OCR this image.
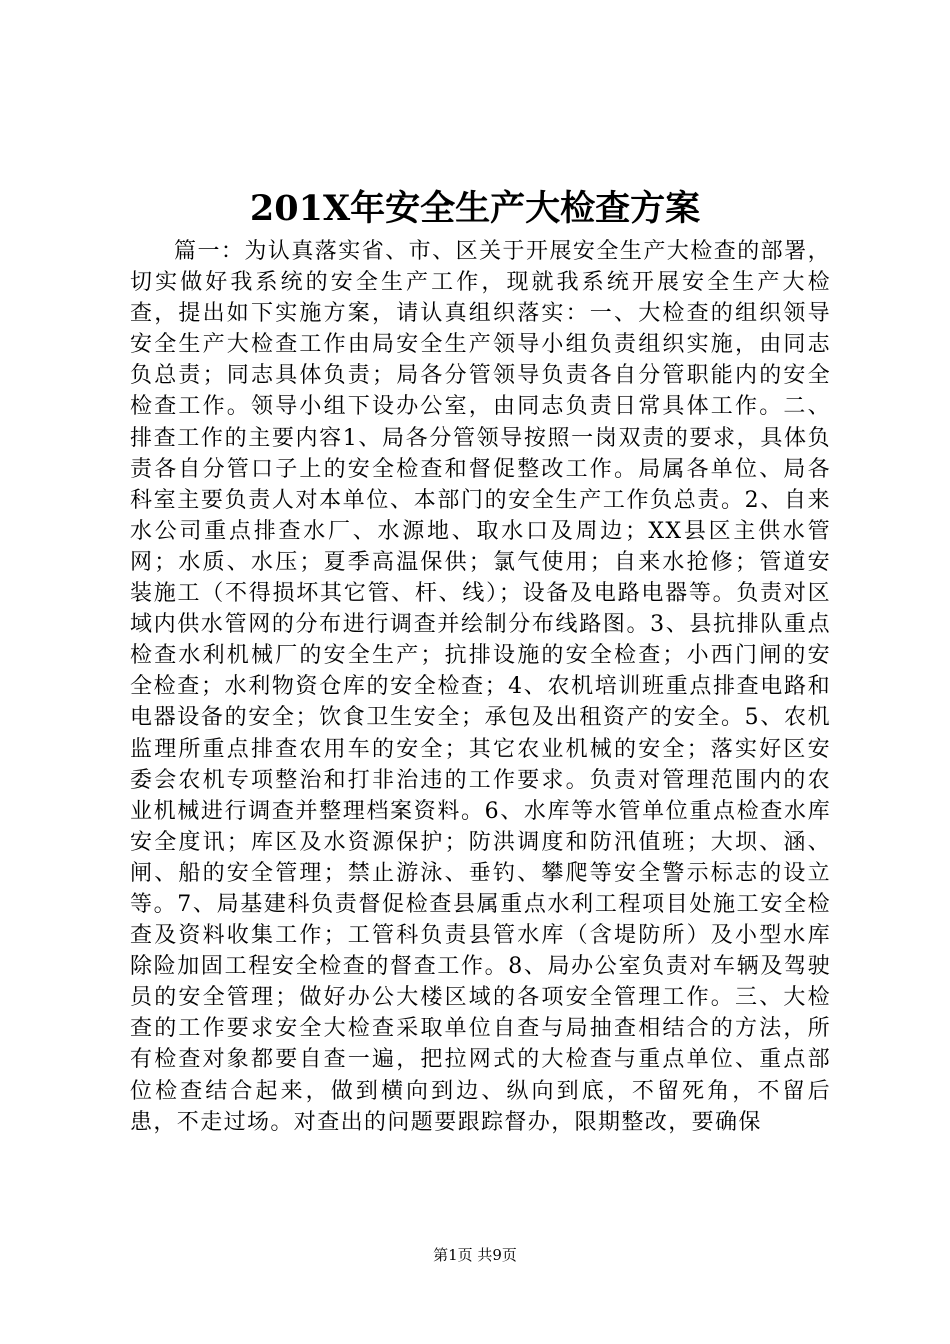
201X年安全生产大检查方案

篇一：为认真落实省、市、区关于开展安全生产大检查的部署，切实做好我系统的安全生产工作，现就我系统开展安全生产大检查，提出如下实施方案，请认真组织落实：一、大检查的组织领导安全生产大检查工作由局安全生产领导小组负责组织实施，由同志负总责；同志具体负责；局各分管领导负责各自分管职能内的安全检查工作。领导小组下设办公室，由同志负责日常具体工作。二、排查工作的主要内容1、局各分管领导按照一岗双责的要求，具体负责各自分管口子上的安全检查和督促整改工作。局属各单位、局各科室主要负责人对本单位、本部门的安全生产工作负总责。2、自来水公司重点排查水厂、水源地、取水口及周边；XX县区主供水管网；水质、水压；夏季高温保供；氯气使用；自来水抢修；管道安装施工（不得损坏其它管、杆、线）；设备及电路电器等。负责对区域内供水管网的分布进行调查并绘制分布线路图。3、县抗排队重点检查水利机械厂的安全生产；抗排设施的安全检查；小西门闸的安全检查；水利物资仓库的安全检查；4、农机培训班重点排查电路和电器设备的安全；饮食卫生安全；承包及出租资产的安全。5、农机监理所重点排查农用车的安全；其它农业机械的安全；落实好区安委会农机专项整治和打非治违的工作要求。负责对管理范围内的农业机械进行调查并整理档案资料。6、水库等水管单位重点检查水库安全度讯；库区及水资源保护；防洪调度和防汛值班；大坝、涵、闸、船的安全管理；禁止游泳、垂钓、攀爬等安全警示标志的设立等。7、局基建科负责督促检查县属重点水利工程项目处施工安全检查及资料收集工作；工管科负责县管水库（含堤防所）及小型水库除险加固工程安全检查的督查工作。8、局办公室负责对车辆及驾驶员的安全管理；做好办公大楼区域的各项安全管理工作。三、大检查的工作要求安全大检查采取单位自查与局抽查相结合的方法，所有检查对象都要自查一遍，把拉网式的大检查与重点单位、重点部位检查结合起来，做到横向到边、纵向到底，不留死角，不留后患，不走过场。对查出的问题要跟踪督办，限期整改，要确保

第1页 共9页
